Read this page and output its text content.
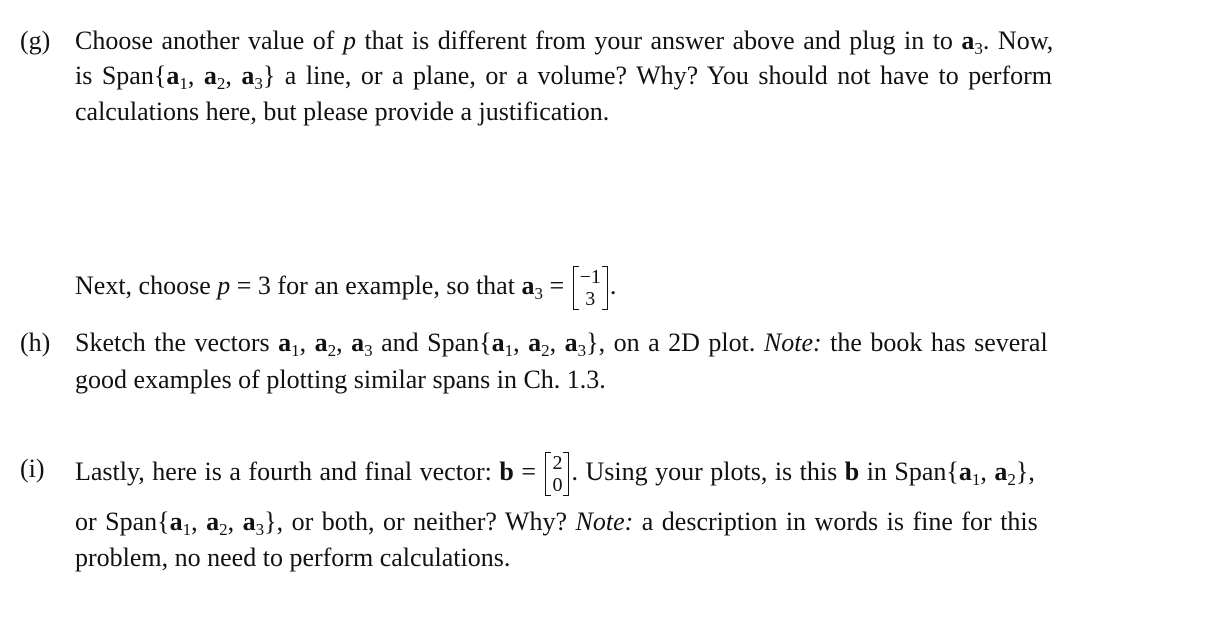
(g) Choose another value of p that is different from your answer above and plug in to a3. Now,
is Span{a1, a2, a3} a line, or a plane, or a volume? Why? You should not have to perform
calculations here, but please provide a justification.
Next, choose p = 3 for an example, so that a3 = −1
3 .
(h) Sketch the vectors a1, a2, a3 and Span{a1, a2, a3}, on a 2D plot. Note: the book has several
good examples of plotting similar spans in Ch. 1.3.
(i) Lastly, here is a fourth and final vector: b = 2
0 . Using your plots, is this b in Span{a1, a2},
or Span{a1, a2, a3}, or both, or neither? Why? Note: a description in words is fine for this
problem, no need to perform calculations.
